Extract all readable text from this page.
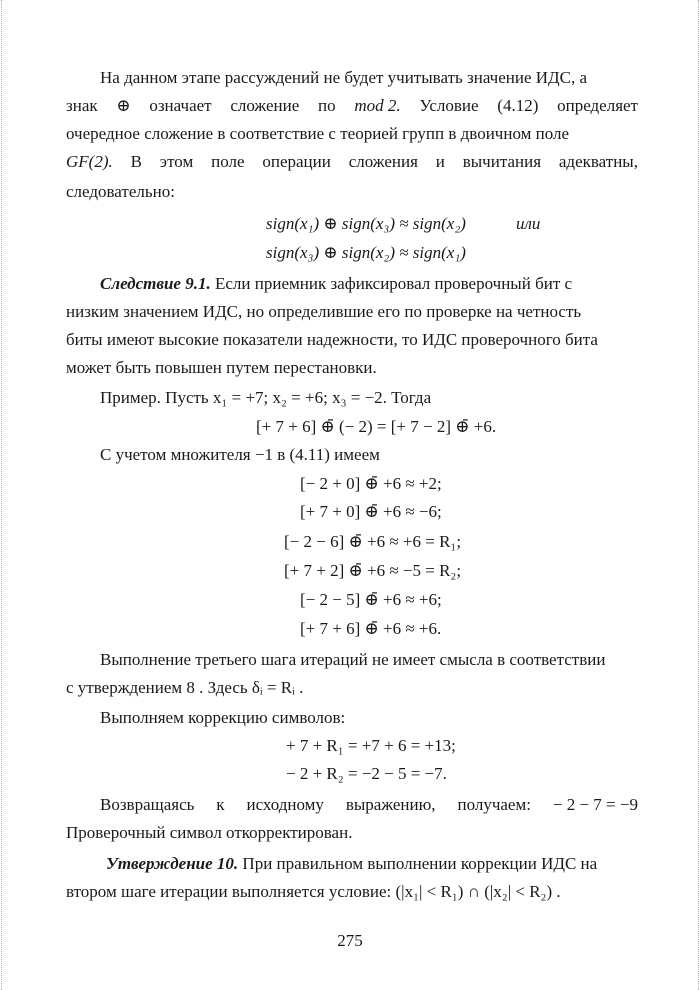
На данном этапе рассуждений не будет учитывать значение ИДС, а
знак ⊕ означает сложение по mod 2. Условие (4.12) определяет
очередное сложение в соответствие с теорией групп в двоичном поле
GF(2). В этом поле операции сложения и вычитания адекватны,
следовательно:
sign(x₁) ⊕ sign(x₃) ≈ sign(x₂)	или
sign(x₃) ⊕ sign(x₂) ≈ sign(x₁)
Следствие 9.1. Если приемник зафиксировал проверочный бит с
низким значением ИДС, но определившие его по проверке на четность
биты имеют высокие показатели надежности, то ИДС проверочного бита
может быть повышен путем перестановки.
Пример. Пусть x₁ = +7; x₂ = +6; x₃ = −2. Тогда
[+ 7 + 6] ⊕̄ (− 2) = [+ 7 − 2] ⊕̄ +6.
С учетом множителя −1 в (4.11) имеем
[− 2 + 0] ⊕̄ +6 ≈ +2;
[+ 7 + 0] ⊕̄ +6 ≈ −6;
[− 2 − 6] ⊕̄ +6 ≈ +6 = R₁;
[+ 7 + 2] ⊕̄ +6 ≈ −5 = R₂;
[− 2 − 5] ⊕̄ +6 ≈ +6;
[+ 7 + 6] ⊕̄ +6 ≈ +6.
Выполнение третьего шага итераций не имеет смысла в соответствии
с утверждением 8 . Здесь δᵢ = Rᵢ .
Выполняем коррекцию символов:
+ 7 + R₁ = +7 + 6 = +13;
− 2 + R₂ = −2 − 5 = −7.
Возвращаясь к исходному выражению, получаем: − 2 − 7 = −9
Проверочный символ откорректирован.
Утверждение 10. При правильном выполнении коррекции ИДС на
втором шаге итерации выполняется условие: (|x₁| < R₁) ∩ (|x₂| < R₂) .
275
